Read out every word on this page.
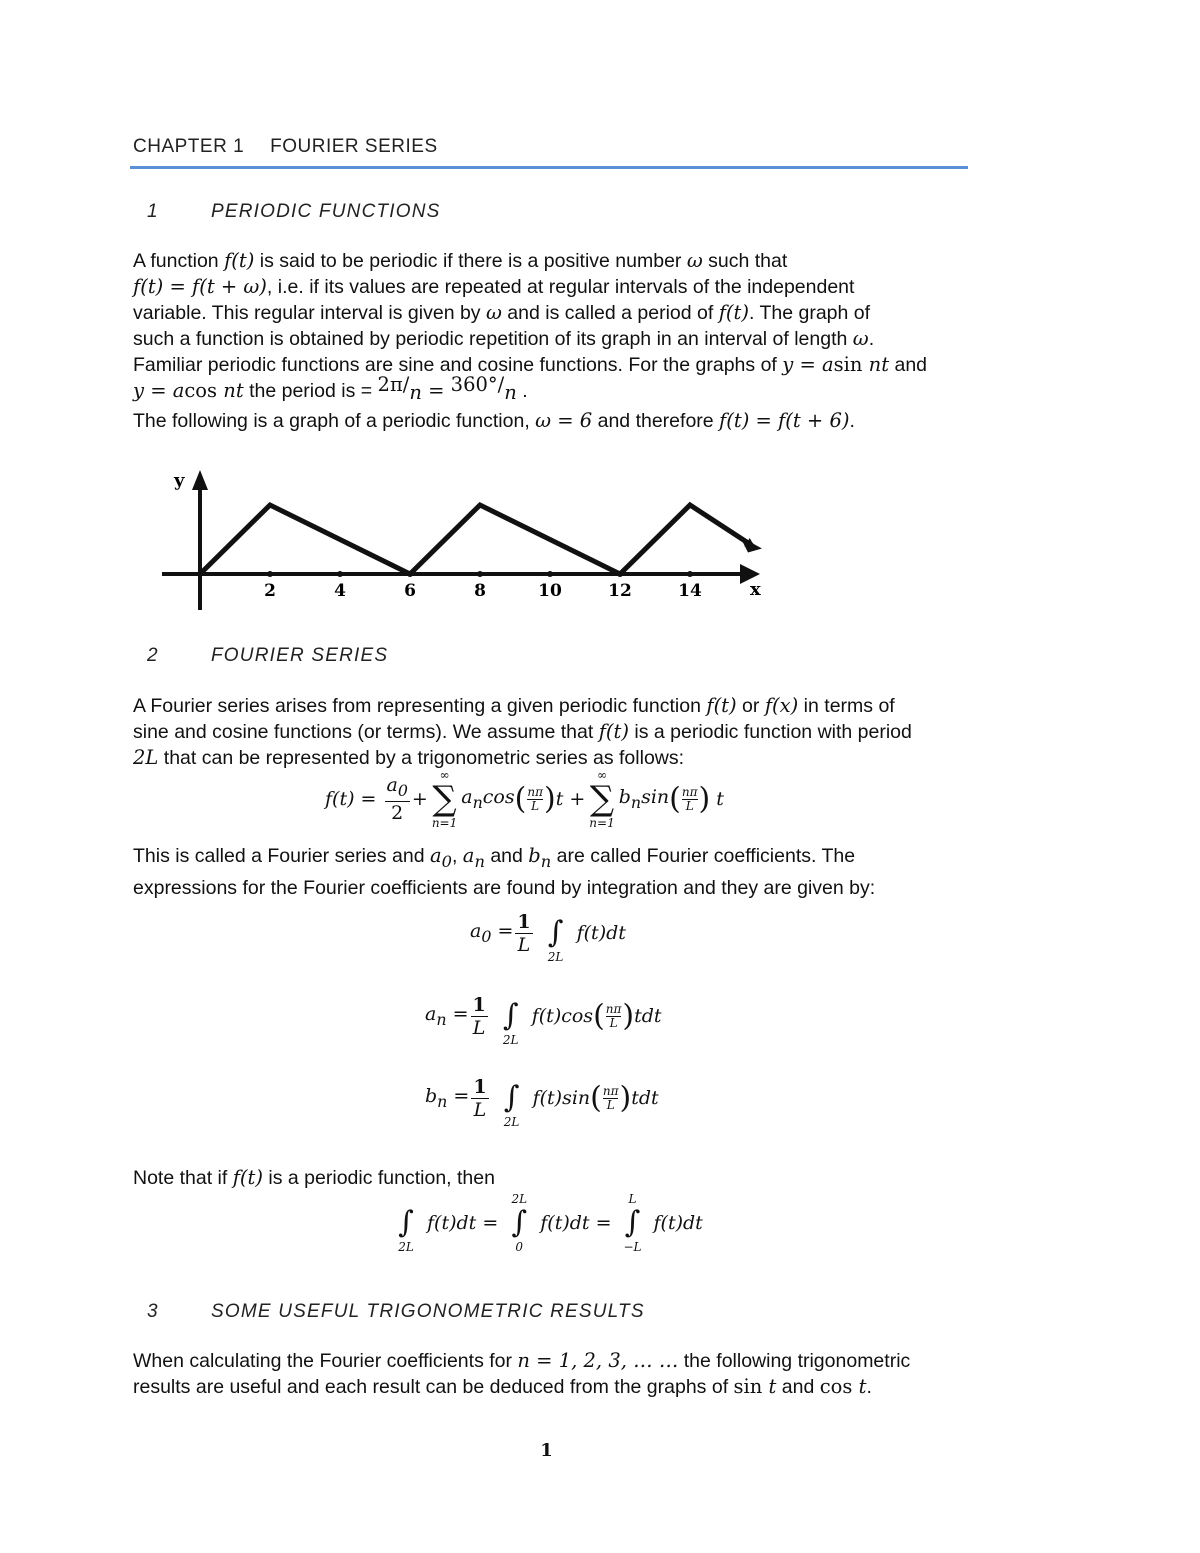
CHAPTER 1 FOURIER SERIES
1	PERIODIC FUNCTIONS
A function f(t) is said to be periodic if there is a positive number ω such that
f(t) = f(t + ω), i.e. if its values are repeated at regular intervals of the independent
variable. This regular interval is given by ω and is called a period of f(t). The graph of
such a function is obtained by periodic repetition of its graph in an interval of length ω.
Familiar periodic functions are sine and cosine functions. For the graphs of y = asin nt and
y = acos nt the period is = 2π/n = 360°/n .
The following is a graph of a periodic function, ω = 6 and therefore f(t) = f(t + 6).
y
x
2	4	6	8	10	12	14
2	FOURIER SERIES
A Fourier series arises from representing a given periodic function f(t) or f(x) in terms of
sine and cosine functions (or terms). We assume that f(t) is a periodic function with period
2L that can be represented by a trigonometric series as follows:
$f(t) = \frac{a_0}{2}$ +
∞
∑
n=1
$a_n\cos( \frac{n\pi}{L} )t$ +
∞
∑
n=1
$b_n\sin( \frac{n\pi}{L}$ ) t
This is called a Fourier series and $a_0$, $a_n$ and $b_n$ are called Fourier coefficients. The
expressions for the Fourier coefficients are found by integration and they are given by:
$a_0 = \frac{1}{L}$ ∫
2L
f(t)dt
$a_n = \frac{1}{L}$ ∫
2L
$f(t)\cos( \frac{n\pi}{L} )tdt$
$b_n = \frac{1}{L}$ ∫
2L
$f(t)\sin( \frac{n\pi}{L} )tdt$
Note that if f(t) is a periodic function, then
∫
2L
f(t)dt =
2L
∫
0
f(t)dt =
L
∫
−L
f(t)dt
3	SOME USEFUL TRIGONOMETRIC RESULTS
When calculating the Fourier coefficients for n = 1, 2, 3, … … the following trigonometric
results are useful and each result can be deduced from the graphs of sin t and cos t.
1
